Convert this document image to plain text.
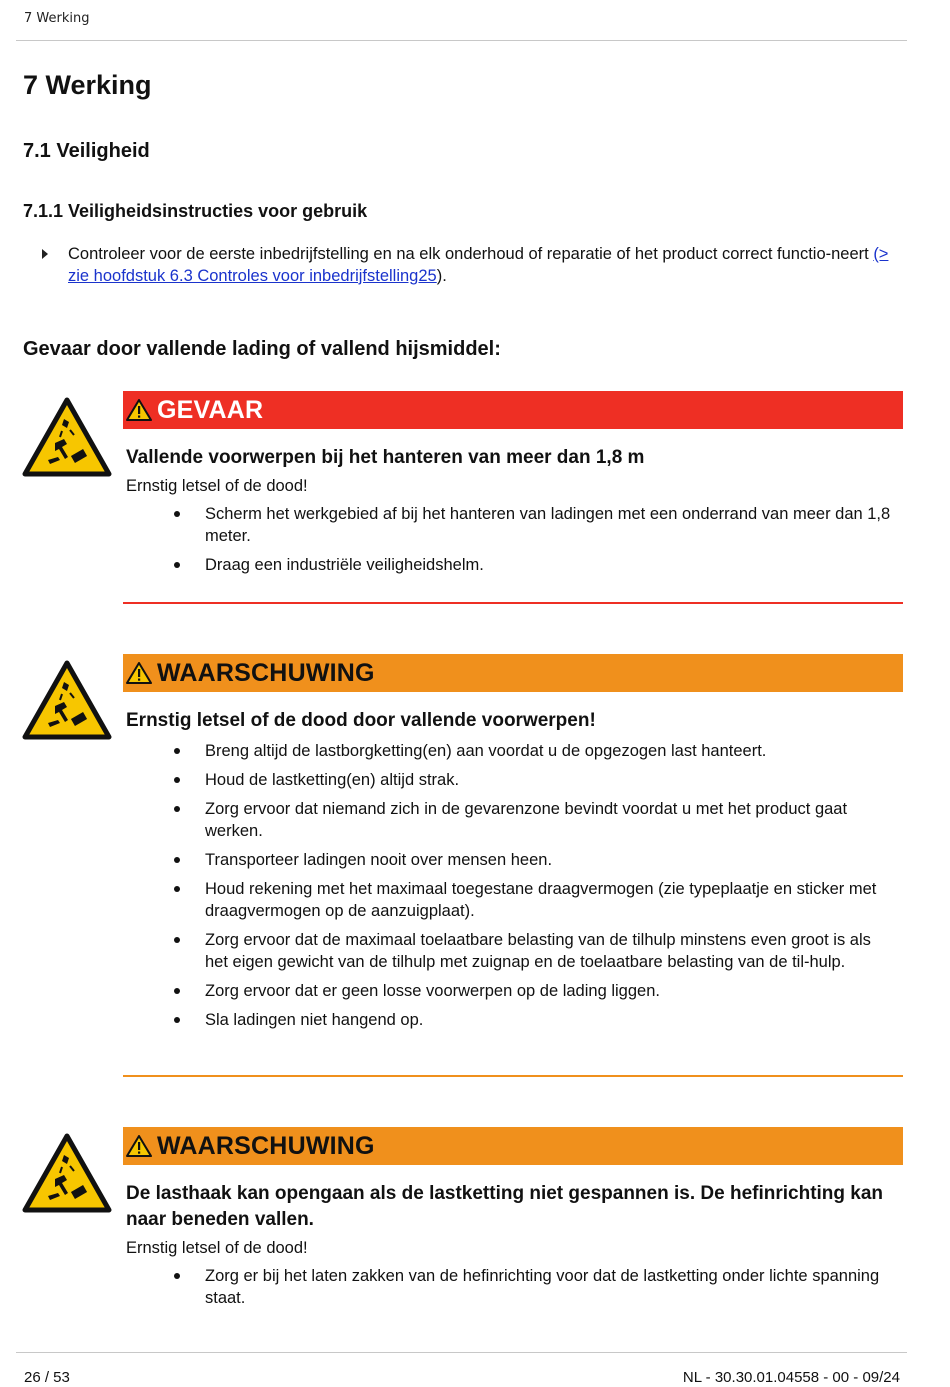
7 Werking
7 Werking
7.1 Veiligheid
7.1.1 Veiligheidsinstructies voor gebruik
Controleer voor de eerste inbedrijfstelling en na elk onderhoud of reparatie of het product correct functio-neert (> zie hoofdstuk 6.3 Controles voor inbedrijfstelling25).
Gevaar door vallende lading of vallend hijsmiddel:
GEVAAR

Vallende voorwerpen bij het hanteren van meer dan 1,8 m

Ernstig letsel of de dood!

Scherm het werkgebied af bij het hanteren van ladingen met een onderrand van meer dan 1,8 meter.
Draag een industriële veiligheidshelm.
WAARSCHUWING

Ernstig letsel of de dood door vallende voorwerpen!

Breng altijd de lastborgketting(en) aan voordat u de opgezogen last hanteert.
Houd de lastketting(en) altijd strak.
Zorg ervoor dat niemand zich in de gevarenzone bevindt voordat u met het product gaat werken.
Transporteer ladingen nooit over mensen heen.
Houd rekening met het maximaal toegestane draagvermogen (zie typeplaatje en sticker met draagvermogen op de aanzuigplaat).
Zorg ervoor dat de maximaal toelaatbare belasting van de tilhulp minstens even groot is als het eigen gewicht van de tilhulp met zuignap en de toelaatbare belasting van de til-hulp.
Zorg ervoor dat er geen losse voorwerpen op de lading liggen.
Sla ladingen niet hangend op.
WAARSCHUWING

De lasthaak kan opengaan als de lastketting niet gespannen is. De hefinrichting kan naar beneden vallen.

Ernstig letsel of de dood!

Zorg er bij het laten zakken van de hefinrichting voor dat de lastketting onder lichte spanning staat.
26 / 53	NL - 30.30.01.04558 - 00 - 09/24
